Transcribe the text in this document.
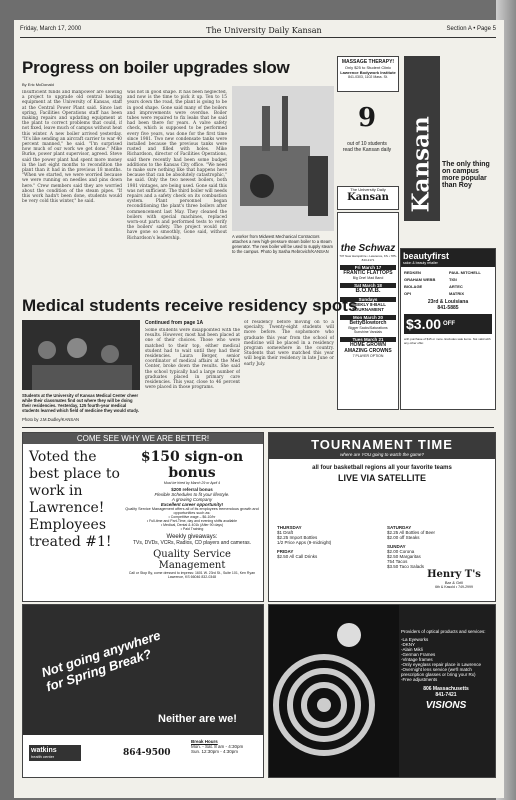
Friday, March 17, 2000	The University Daily Kansan	Section A • Page 5
Progress on boiler upgrades slow
By Eric McDonald
Insufficient funds and manpower are slowing a project to upgrade old central heating equipment at the University of Kansas, staff at the Central Power Plant said. Since last spring, Facilities Operations staff has been making repairs and updating equipment at the plant to correct problems that could, if not fixed, leave much of campus without heat this winter. A new boiler arrived yesterday. "It's like sending an aircraft carrier to war 40 percent manned," he said. "I'm surprised how much of our work we get done." Mike Burke, power plant supervisor, agreed. Steve said the power plant had spent more money in the last eight months to recondition the plant than it had in the previous 18 months. "When we started, we were worried because we were running on needles and pins down here." Crew members said they are worried about the condition of the steam pipes. "If this work hadn't been done, students would be very cold this winter," he said.
was not in good shape. It has been neglected, and now is the time to pick it up. Ten to 15 years down the road, the plant is going to be in good shape. Gone said many of the boilers and improvements were overdue. Boiler tubes were repaired to fix leaks that he said had been there for years. A valve safety check, which is supposed to be performed every five years, was done for the first time since 1981. Two new condensate tanks were installed because the previous tanks were rusted and filled with holes. Mike Richardson, director of Facilities Operations, said there recently had been some budget additions to the Kansas City office. "We need to make sure nothing like that happens here because that can be absolutely catastrophic," he said. Only the two newest boilers, both 1981 vintages, are being used. Gone said this was not sufficient. The third boiler will needs repairs and a safety check on its combustion system. Plant personnel began reconditioning the plant's three boilers after commencement last May. They cleaned the boilers with special machines, replaced worn-out parts and performed tests to verify the boilers' safety. The project would not have gone so smoothly, Gone said, without Richardson's leadership.	A worker from Midwest Mechanical Contractors attaches a new high-pressure steam boiler to a steam generator. The new boiler will be used to supply steam to the campus. Photo by Sasha Rebrovich/KANSAN
MASSAGE THERAPY!
Only $25 to Student Clinic
Lawrence Bodywork Institute
841-0303, 1102 Mass. St.
9
out of 10 students
read the Kansan daily Kansan The only thing on campus more popular than Roy
The University Daily
Kansan
the Schwaz
737 New Hampshire • Lawrence, KS • 785-843-2171
Fri March 17
FRANTIC FLATTOPS
Big One! Mad Band
Sat March 18
B.O.M.B.
Sundays
WEEKLY 8-BALL TOURNAMENT
Mon March 20
BettyBlowtorch
Bigger Sacks/Saturations
Sunshine Vandals
Tues March 21
HOME GROWN AMAZING CROWNS
7 PLAYER OPTION
beautyfirst
salon & beauty retailer
REDKEN	PAUL MITCHELL
GRAHAM WEBB	TIGI
BIOLAGE	ARTEC
OPI	MATRIX
23rd & Louisiana
841-5885
$3.00 OFF
with purchase of $15 or more. Excludes sale items. Not valid with any other offer.
Medical students receive residency spots
Students at the University of Kansas Medical Center cheer while their classmates find out where they will be doing their residencies. Yesterday, 125 fourth-year medical students learned which field of medicine they would study.
Photo by J.M.Dudley/KANSAN
Continued from page 1A
Some students were disappointed with the results. However, most had been placed at one of their choices. Those who were matched to their top, either medical student had to wait until they had their residencies. Laura Berger, senior coordinator of medical affairs at the Med Center, broke down the results. She said the school typically had a large number of graduates placed in primary care residencies. This year, close to 46 percent were placed in those programs.
of residency before moving on to a specialty. Twenty-eight students will move before. The sophomore who graduate this year from the school of medicine will be placed in a residency program somewhere in the country. Students that were matched this year will begin their residency in late June or early July.
COME SEE WHY WE ARE BETTER!
Voted the best place to work in Lawrence! Employees treated #1!
$150 sign-on bonus
Must be hired by March 29 or April 4
$200 referral bonus
Flexible Schedules to fit your lifestyle.
A growing Company
Excellent career opportunity!
Quality Service Management offers all of its employees tremendous growth and opportunities such as:
• Competitive wage – $6-10/hr
• Full-time and Part-Time, day and evening shifts available
• Medical, Dental & 401k (After 90 days)
• Paid Training
Weekly giveaways:
TVs, DVDs, VCRs, Radios, CD players and cameras.
Quality Service Management
Call or Stop By, come dressed to impress: 1601 W. 23rd St., Suite 101, Ken Ryan Lawrence, KS 66046 832-0348
TOURNAMENT TIME
where are YOU going to watch the game?
all four basketball regions all your favorite teams
LIVE VIA SATELLITE
THURSDAY
$1 Draft
$2.25 Import Bottles
1/2 Price Apps (9-midnight)
FRIDAY
$2.50 All Call Drinks
SATURDAY
$2.25 All Bottles of Beer
$2.00 off Steaks
SUNDAY
$2.00 Corona
$2.50 Margaritas
754 Tacos
$3.50 Taco Salads
Henry T's
Bar & Grill
6th & Kasold • 749-2999
Not going anywhere for Spring Break?
Neither are we!
watkins
health center	864-9500
Break Hours
Mon. - Sat. 8 am - 4:30pm
Sun. 12:30pm - 4:30pm
Providers of optical products and services:
-La Eyeworks
-DKNY
-Alain Mikli
-German Frames
-Vintage frames
-Only eyeglass repair place in Lawrence
-Overnight lens service (we'll match prescription glasses or bring your Rx)
-Free adjustments
806 Massachusetts
841-7421
VISIONS
